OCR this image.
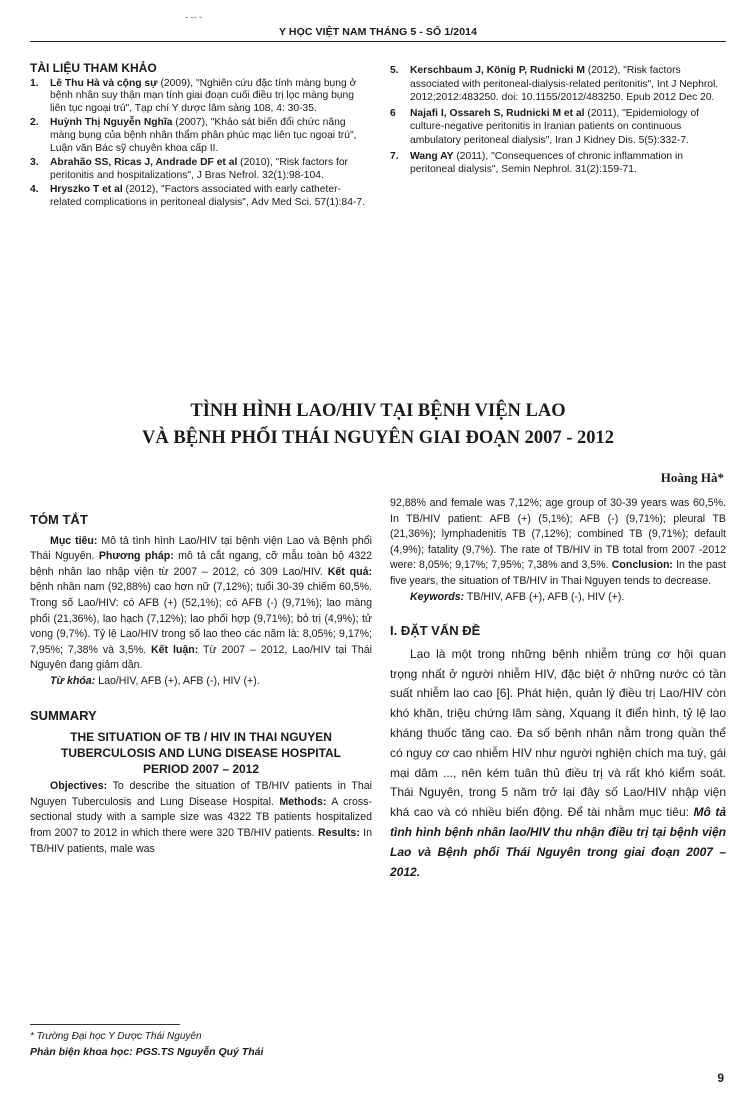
- -- -
Y HỌC VIỆT NAM THÁNG 5 - SỐ 1/2014
TÀI LIỆU THAM KHẢO
1. Lê Thu Hà và cộng sự (2009), "Nghiên cứu đặc tính màng bụng ở bệnh nhân suy thận mạn tính giai đoạn cuối điều trị lọc màng bụng liên tục ngoại trú", Tạp chí Y dược lâm sàng 108, 4: 30-35.
2. Huỳnh Thị Nguyễn Nghĩa (2007), "Khảo sát biến đổi chức năng màng bụng của bệnh nhân thẩm phân phúc mạc liên tục ngoại trú", Luận văn Bác sỹ chuyên khoa cấp II.
3. Abrahão SS, Ricas J, Andrade DF et al (2010), "Risk factors for peritonitis and hospitalizations", J Bras Nefrol. 32(1):98-104.
4. Hryszko T et al (2012), "Factors associated with early catheter-related complications in peritoneal dialysis", Adv Med Sci. 57(1):84-7.
5. Kerschbaum J, König P, Rudnicki M (2012), "Risk factors associated with peritoneal-dialysis-related peritonitis", Int J Nephrol. 2012;2012:483250. doi: 10.1155/2012/483250. Epub 2012 Dec 20.
6 Najafi I, Ossareh S, Rudnicki M et al (2011), "Epidemiology of culture-negative peritonitis in Iranian patients on continuous ambulatory peritoneal dialysis", Iran J Kidney Dis. 5(5):332-7.
7. Wang AY (2011), "Consequences of chronic inflammation in peritoneal dialysis", Semin Nephrol. 31(2):159-71.
TÌNH HÌNH LAO/HIV TẠI BỆNH VIỆN LAO
VÀ BỆNH PHỔI THÁI NGUYÊN GIAI ĐOẠN 2007 - 2012
Hoàng Hà*
TÓM TẮT

Mục tiêu: Mô tả tình hình Lao/HIV tại bệnh viện Lao và Bệnh phổi Thái Nguyên. Phương pháp: mô tả cắt ngang, cỡ mẫu toàn bộ 4322 bệnh nhân lao nhập viện từ 2007 – 2012, có 309 Lao/HIV. Kết quả: bệnh nhân nam (92,88%) cao hơn nữ (7,12%); tuổi 30-39 chiếm 60,5%. Trong số Lao/HIV: có AFB (+) (52,1%); có AFB (-) (9,71%); lao màng phổi (21,36%), lao hạch (7,12%); lao phối hợp (9,71%); bỏ trị (4,9%); tử vong (9,7%). Tỷ lệ Lao/HIV trong số lao theo các năm là: 8,05%; 9,17%; 7,95%; 7,38% và 3,5%. Kết luận: Từ 2007 – 2012, Lao/HIV tại Thái Nguyên đang giảm dần.

Từ khóa: Lao/HIV, AFB (+), AFB (-), HIV (+).

SUMMARY
THE SITUATION OF TB / HIV IN THAI NGUYEN TUBERCULOSIS AND LUNG DISEASE HOSPITAL PERIOD 2007 – 2012

Objectives: To describe the situation of TB/HIV patients in Thai Nguyen Tuberculosis and Lung Disease Hospital. Methods: A cross-sectional study with a sample size was 4322 TB patients hospitalized from 2007 to 2012 in which there were 320 TB/HIV patients. Results: In TB/HIV patients, male was

92,88% and female was 7,12%; age group of 30-39 years was 60,5%. In TB/HIV patient: AFB (+) (5,1%); AFB (-) (9,71%); pleural TB (21,36%); lymphadenitis TB (7,12%); combined TB (9,71%); default (4,9%); fatality (9,7%). The rate of TB/HIV in TB total from 2007 -2012 were: 8,05%; 9,17%; 7,95%; 7,38% and 3,5%. Conclusion: In the past five years, the situation of TB/HIV in Thai Nguyen tends to decrease.

Keywords: TB/HIV, AFB (+), AFB (-), HIV (+).

I. ĐẶT VẤN ĐỀ

Lao là một trong những bệnh nhiễm trùng cơ hội quan trọng nhất ở người nhiễm HIV, đặc biệt ở những nước có tần suất nhiễm lao cao [6]. Phát hiện, quản lý điều trị Lao/HIV còn khó khăn, triệu chứng lâm sàng, Xquang ít điển hình, tỷ lệ lao kháng thuốc tăng cao. Đa số bệnh nhân nằm trong quần thể có nguy cơ cao nhiễm HIV như người nghiện chích ma tuý, gái mại dâm ..., nên kém tuân thủ điều trị và rất khó kiểm soát. Thái Nguyên, trong 5 năm trở lại đây số Lao/HIV nhập viện khá cao và có nhiều biến động. Để tài nhằm mục tiêu: Mô tả tình hình bệnh nhân lao/HIV thu nhận điều trị tại bệnh viện Lao và Bệnh phổi Thái Nguyên trong giai đoạn 2007 – 2012.

* Trường Đại học Y Dược Thái Nguyên
Phản biện khoa học: PGS.TS Nguyễn Quý Thái
9
